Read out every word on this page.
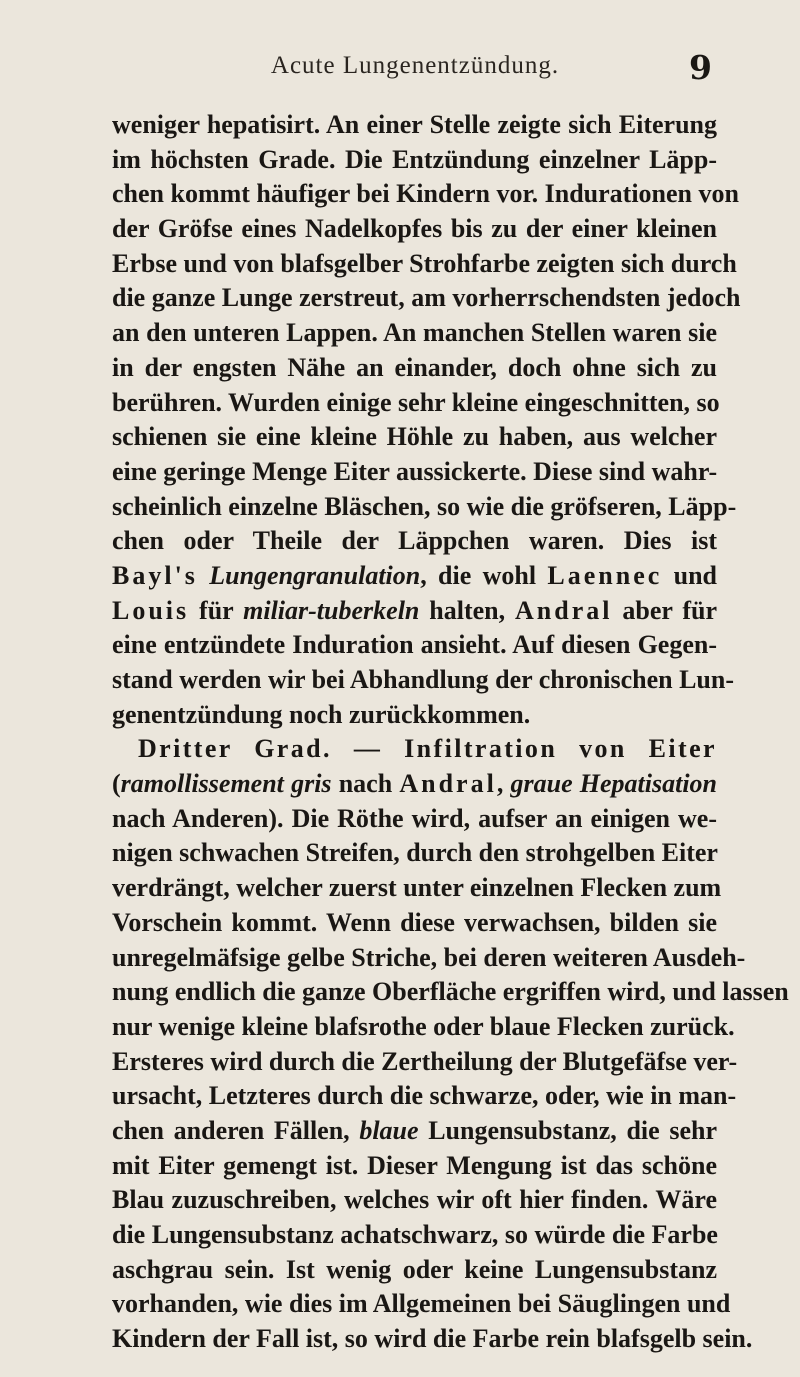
Acute Lungenentzündung.	9
weniger hepatisirt. An einer Stelle zeigte sich Eiterung
im höchsten Grade. Die Entzündung einzelner Läpp-
chen kommt häufiger bei Kindern vor. Indurationen von
der Gröfse eines Nadelkopfes bis zu der einer kleinen
Erbse und von blafsgelber Strohfarbe zeigten sich durch
die ganze Lunge zerstreut, am vorherrschendsten jedoch
an den unteren Lappen. An manchen Stellen waren sie
in der engsten Nähe an einander, doch ohne sich zu
berühren. Wurden einige sehr kleine eingeschnitten, so
schienen sie eine kleine Höhle zu haben, aus welcher
eine geringe Menge Eiter aussickerte. Diese sind wahr-
scheinlich einzelne Bläschen, so wie die gröfseren, Läpp-
chen oder Theile der Läppchen waren. Dies ist
Bayl's Lungengranulation, die wohl Laennec und
Louis für miliar-tuberkeln halten, Andral aber für
eine entzündete Induration ansieht. Auf diesen Gegen-
stand werden wir bei Abhandlung der chronischen Lun-
genentzündung noch zurückkommen.
Dritter Grad. — Infiltration von Eiter
(ramollissement gris nach Andral, graue Hepatisation
nach Anderen). Die Röthe wird, aufser an einigen we-
nigen schwachen Streifen, durch den strohgelben Eiter
verdrängt, welcher zuerst unter einzelnen Flecken zum
Vorschein kommt. Wenn diese verwachsen, bilden sie
unregelmäfsige gelbe Striche, bei deren weiteren Ausdeh-
nung endlich die ganze Oberfläche ergriffen wird, und lassen
nur wenige kleine blafsrothe oder blaue Flecken zurück.
Ersteres wird durch die Zertheilung der Blutgefäfse ver-
ursacht, Letzteres durch die schwarze, oder, wie in man-
chen anderen Fällen, blaue Lungensubstanz, die sehr
mit Eiter gemengt ist. Dieser Mengung ist das schöne
Blau zuzuschreiben, welches wir oft hier finden. Wäre
die Lungensubstanz achatschwarz, so würde die Farbe
aschgrau sein. Ist wenig oder keine Lungensubstanz
vorhanden, wie dies im Allgemeinen bei Säuglingen und
Kindern der Fall ist, so wird die Farbe rein blafsgelb sein.
